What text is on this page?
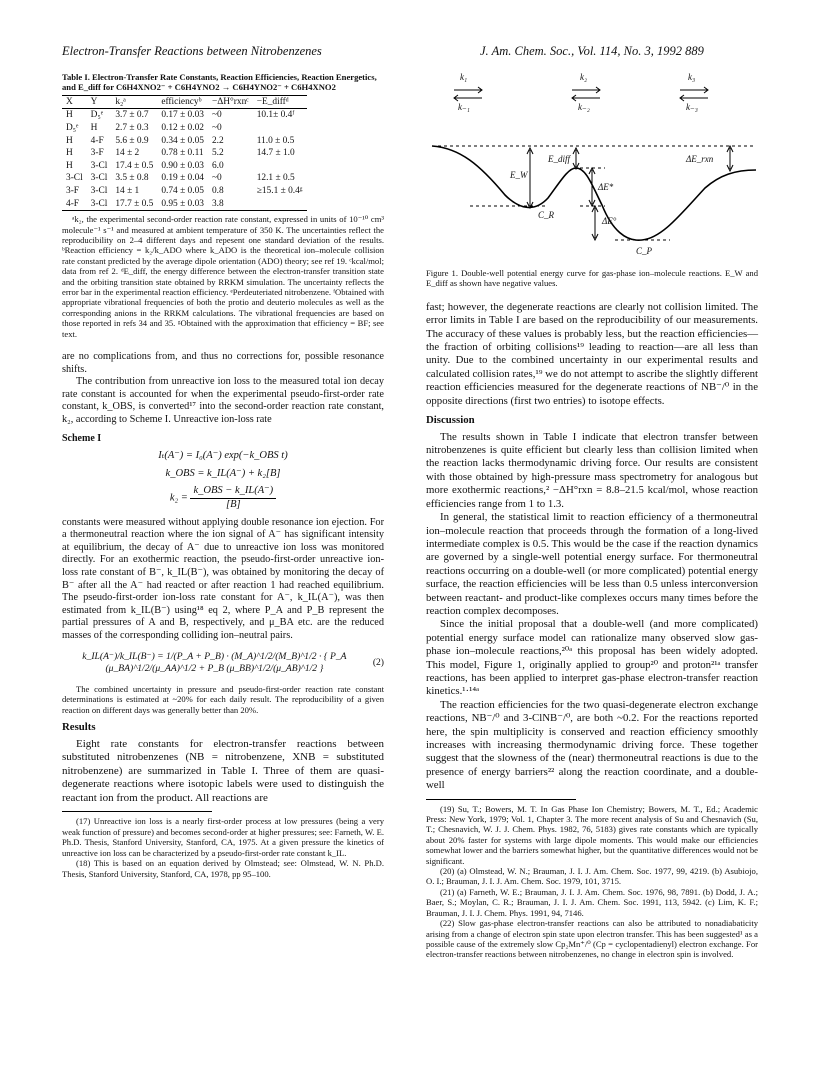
Electron-Transfer Reactions between Nitrobenzenes	J. Am. Chem. Soc., Vol. 114, No. 3, 1992 889
Table I. Electron-Transfer Rate Constants, Reaction Efficiencies, Reaction Energetics, and E_diff for C6H4XNO2⁻ + C6H4YNO2 → C6H4YNO2⁻ + C6H4XNO2
X	Y	k₂ᵃ	efficiencyᵇ	−ΔH°rxnᶜ	−E_diffᵈ
H	D₅ᵉ	3.7 ± 0.7	0.17 ± 0.03	~0	10.1± 0.4ᶠ
D₅ᵉ	H	2.7 ± 0.3	0.12 ± 0.02	~0	
H	4-F	5.6 ± 0.9	0.34 ± 0.05	2.2	11.0 ± 0.5
H	3-F	14 ± 2	0.78 ± 0.11	5.2	14.7 ± 1.0
H	3-Cl	17.4 ± 0.5	0.90 ± 0.03	6.0	
3-Cl	3-Cl	3.5 ± 0.8	0.19 ± 0.04	~0	12.1 ± 0.5
3-F	3-Cl	14 ± 1	0.74 ± 0.05	0.8	≥15.1 ± 0.4ᵍ
4-F	3-Cl	17.7 ± 0.5	0.95 ± 0.03	3.8	
ᵃk₂, the experimental second-order reaction rate constant, expressed in units of 10⁻¹⁰ cm³ molecule⁻¹ s⁻¹ and measured at ambient temperature of 350 K. The uncertainties reflect the reproducibility on 2–4 different days and repesent one standard deviation of the results. ᵇReaction efficiency = k₂/k_ADO where k_ADO is the theoretical ion–molecule collision rate constant predicted by the average dipole orientation (ADO) theory; see ref 19. ᶜkcal/mol; data from ref 2. ᵈE_diff, the energy difference between the electron-transfer transition state and the orbiting transition state obtained by RRKM simulation. The uncertainty reflects the error bar in the experimental reaction efficiency. ᵉPerdeuteriated nitrobenzene. ᶠObtained with appropriate vibrational frequencies of both the protio and deuterio molecules as well as the corresponding anions in the RRKM calculations. The vibrational frequencies are based on those reported in refs 34 and 35. ᵍObtained with the approximation that efficiency = BF; see text.

are no complications from, and thus no corrections for, possible resonance shifts.

The contribution from unreactive ion loss to the measured total ion decay rate constant is accounted for when the experimental pseudo-first-order rate constant, k_OBS, is converted¹⁷ into the second-order reaction rate constant, k₂, according to Scheme I. Unreactive ion-loss rate

Scheme I
Iₜ(A⁻) = I₀(A⁻) exp(−k_OBS t)
k_OBS = k_IL(A⁻) + k₂[B]
$k_2 = \frac{\text{k\_OBS − k\_IL(A⁻)}}{[B]}$

constants were measured without applying double resonance ion ejection. For a thermoneutral reaction where the ion signal of A⁻ has significant intensity at equilibrium, the decay of A⁻ due to unreactive ion loss was monitored directly. For an exothermic reaction, the pseudo-first-order unreactive ion-loss rate constant of B⁻, k_IL(B⁻), was obtained by monitoring the decay of B⁻ after all the A⁻ had reacted or after reaction 1 had reached equilibrium. The pseudo-first-order ion-loss rate constant for A⁻, k_IL(A⁻), was then estimated from k_IL(B⁻) using¹⁸ eq 2, where P_A and P_B represent the partial pressures of A and B, respectively, and μ_BA etc. are the reduced masses of the corresponding colliding ion–neutral pairs.

k_IL(A⁻)/k_IL(B⁻) = 1/(P_A + P_B) · (M_A)^1/2/(M_B)^1/2 · { P_A (μ_BA)^1/2/(μ_AA)^1/2 + P_B (μ_BB)^1/2/(μ_AB)^1/2 }
(2)

The combined uncertainty in pressure and pseudo-first-order reaction rate constant determinations is estimated at ~20% for each daily result. The reproducibility of a given reaction on different days was generally better than 20%.

Results

Eight rate constants for electron-transfer reactions between substituted nitrobenzenes (NB = nitrobenzene, XNB = substituted nitrobenzene) are summarized in Table I. Three of them are quasi-degenerate reactions where isotopic labels were used to distinguish the reactant ion from the product. All reactions are

(17) Unreactive ion loss is a nearly first-order process at low pressures (being a very weak function of pressure) and becomes second-order at higher pressures; see: Farneth, W. E. Ph.D. Thesis, Stanford University, Stanford, CA, 1975. At a given pressure the kinetics of unreactive ion loss can be characterized by a pseudo-first-order rate constant k_IL.

(18) This is based on an equation derived by Olmstead; see: Olmstead, W. N. Ph.D. Thesis, Stanford University, Stanford, CA, 1978, pp 95–100.

k₁
k₋₁
k₂
k₋₂
k₃
k₋₃
E_W
E_diff	ΔE_rxn
ΔE*
ΔE°
C_R
C_P

Figure 1. Double-well potential energy curve for gas-phase ion–molecule reactions. E_W and E_diff as shown have negative values.

fast; however, the degenerate reactions are clearly not collision limited. The error limits in Table I are based on the reproducibility of our measurements. The accuracy of these values is probably less, but the reaction efficiencies—the fraction of orbiting collisions¹⁹ leading to reaction—are all less than unity. Due to the combined uncertainty in our experimental results and calculated collision rates,¹⁹ we do not attempt to ascribe the slightly different reaction efficiencies measured for the degenerate reactions of NB⁻/⁰ in the opposite directions (first two entries) to isotope effects.

Discussion

The results shown in Table I indicate that electron transfer between nitrobenzenes is quite efficient but clearly less than collision limited when the reaction lacks thermodynamic driving force. Our results are consistent with those obtained by high-pressure mass spectrometry for analogous but more exothermic reactions,² −ΔH°rxn = 8.8–21.5 kcal/mol, whose reaction efficiencies range from 1 to 1.3.

In general, the statistical limit to reaction efficiency of a thermoneutral ion–molecule reaction that proceeds through the formation of a long-lived intermediate complex is 0.5. This would be the case if the reaction dynamics are governed by a single-well potential energy surface. For thermoneutral reactions occurring on a double-well (or more complicated) potential energy surface, the reaction efficiencies will be less than 0.5 unless interconversion between reactant- and product-like complexes occurs many times before the reaction complex decomposes.

Since the initial proposal that a double-well (and more complicated) potential energy surface model can rationalize many observed slow gas-phase ion–molecule reactions,²⁰ᵃ this proposal has been widely adopted. This model, Figure 1, originally applied to group²⁰ and proton²¹ᵃ transfer reactions, has been applied to interpret gas-phase electron-transfer reaction kinetics.¹·¹⁴ᵃ

The reaction efficiencies for the two quasi-degenerate electron exchange reactions, NB⁻/⁰ and 3-ClNB⁻/⁰, are both ~0.2. For the reactions reported here, the spin multiplicity is conserved and reaction efficiency smoothly increases with increasing thermodynamic driving force. These together suggest that the slowness of the (near) thermoneutral reactions is due to the presence of energy barriers²² along the reaction coordinate, and a double-well

(19) Su, T.; Bowers, M. T. In Gas Phase Ion Chemistry; Bowers, M. T., Ed.; Academic Press: New York, 1979; Vol. 1, Chapter 3. The more recent analysis of Su and Chesnavich (Su, T.; Chesnavich, W. J. J. Chem. Phys. 1982, 76, 5183) gives rate constants which are typically about 20% faster for systems with large dipole moments. This would make our efficiencies somewhat lower and the barriers somewhat higher, but the quantitative differences would not be significant.

(20) (a) Olmstead, W. N.; Brauman, J. I. J. Am. Chem. Soc. 1977, 99, 4219. (b) Asubiojo, O. I.; Brauman, J. I. J. Am. Chem. Soc. 1979, 101, 3715.

(21) (a) Farneth, W. E.; Brauman, J. I. J. Am. Chem. Soc. 1976, 98, 7891. (b) Dodd, J. A.; Baer, S.; Moylan, C. R.; Brauman, J. I. J. Am. Chem. Soc. 1991, 113, 5942. (c) Lim, K. F.; Brauman, J. I. J. Chem. Phys. 1991, 94, 7146.

(22) Slow gas-phase electron-transfer reactions can also be attributed to nonadiabaticity arising from a change of electron spin state upon electron transfer. This has been suggested¹ as a possible cause of the extremely slow Cp₂Mn⁺/⁰ (Cp = cyclopentadienyl) electron exchange. For electron-transfer reactions between nitrobenzenes, no change in electron spin is involved.
